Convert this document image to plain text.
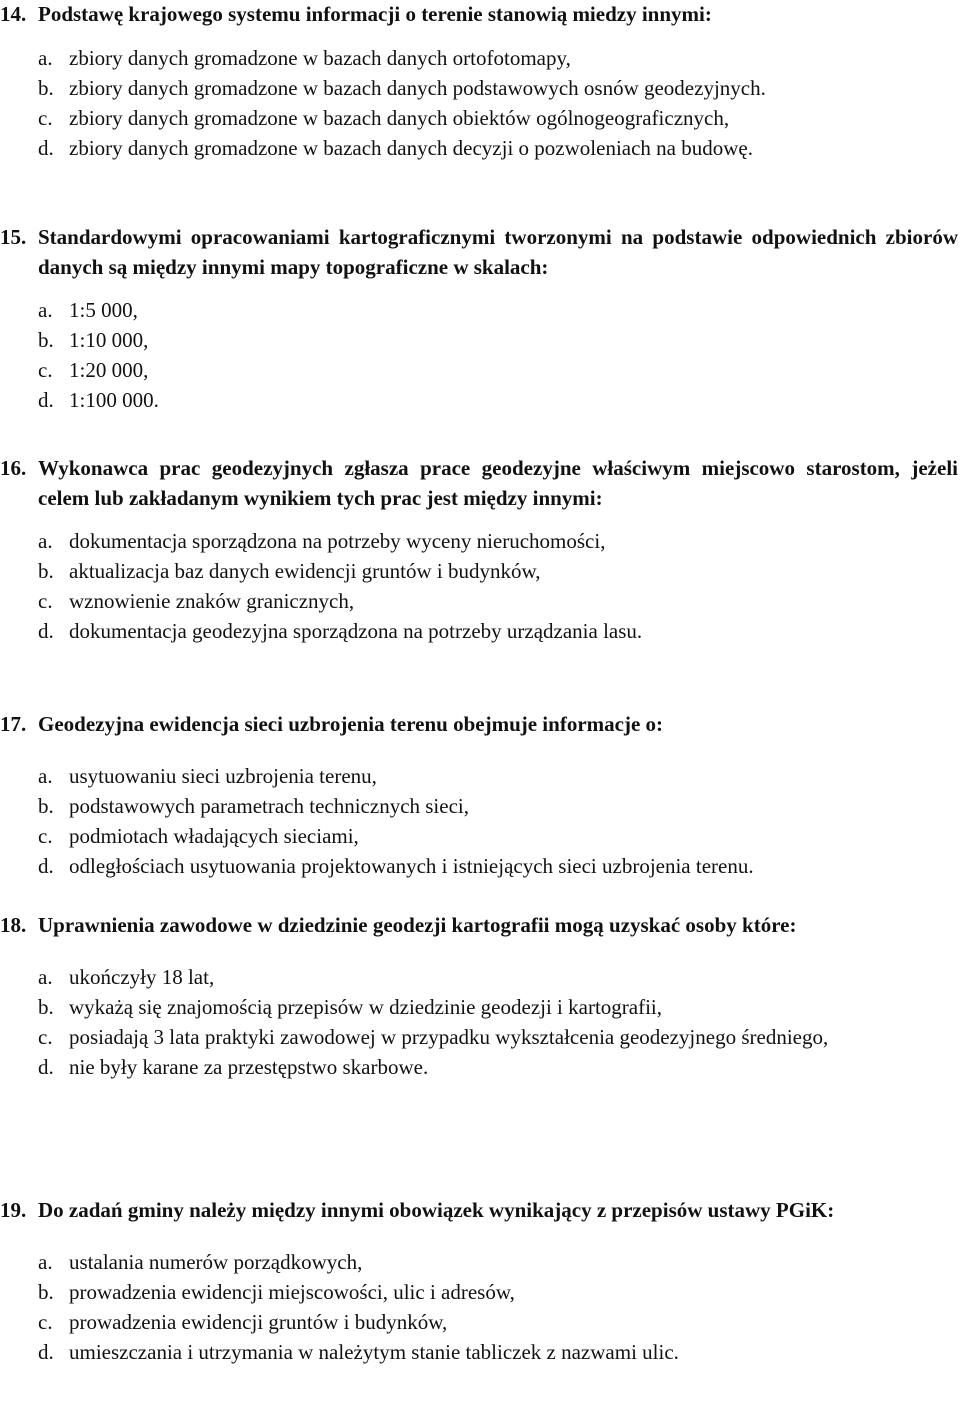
14. Podstawę krajowego systemu informacji o terenie stanowią miedzy innymi:
a. zbiory danych gromadzone w bazach danych ortofotomapy,
b. zbiory danych gromadzone w bazach danych podstawowych osnów geodezyjnych.
c. zbiory danych gromadzone w bazach danych obiektów ogólnogeograficznych,
d. zbiory danych gromadzone w bazach danych decyzji o pozwoleniach na budowę.
15. Standardowymi opracowaniami kartograficznymi tworzonymi na podstawie odpowiednich zbiorów danych są między innymi mapy topograficzne w skalach:
a. 1:5 000,
b. 1:10 000,
c. 1:20 000,
d. 1:100 000.
16. Wykonawca prac geodezyjnych zgłasza prace geodezyjne właściwym miejscowo starostom, jeżeli celem lub zakładanym wynikiem tych prac jest między innymi:
a. dokumentacja sporządzona na potrzeby wyceny nieruchomości,
b. aktualizacja baz danych ewidencji gruntów i budynków,
c. wznowienie znaków granicznych,
d. dokumentacja geodezyjna sporządzona na potrzeby urządzania lasu.
17. Geodezyjna ewidencja sieci uzbrojenia terenu obejmuje informacje o:
a. usytuowaniu sieci uzbrojenia terenu,
b. podstawowych parametrach technicznych sieci,
c. podmiotach władających sieciami,
d. odległościach usytuowania projektowanych i istniejących sieci uzbrojenia terenu.
18. Uprawnienia zawodowe w dziedzinie geodezji kartografii mogą uzyskać osoby które:
a. ukończyły 18 lat,
b. wykażą się znajomością przepisów w dziedzinie geodezji i kartografii,
c. posiadają 3 lata praktyki zawodowej w przypadku wykształcenia geodezyjnego średniego,
d. nie były karane za przestępstwo skarbowe.
19. Do zadań gminy należy między innymi obowiązek wynikający z przepisów ustawy PGiK:
a. ustalania numerów porządkowych,
b. prowadzenia ewidencji miejscowości, ulic i adresów,
c. prowadzenia ewidencji gruntów i budynków,
d. umieszczania i utrzymania w należytym stanie tabliczek z nazwami ulic.
